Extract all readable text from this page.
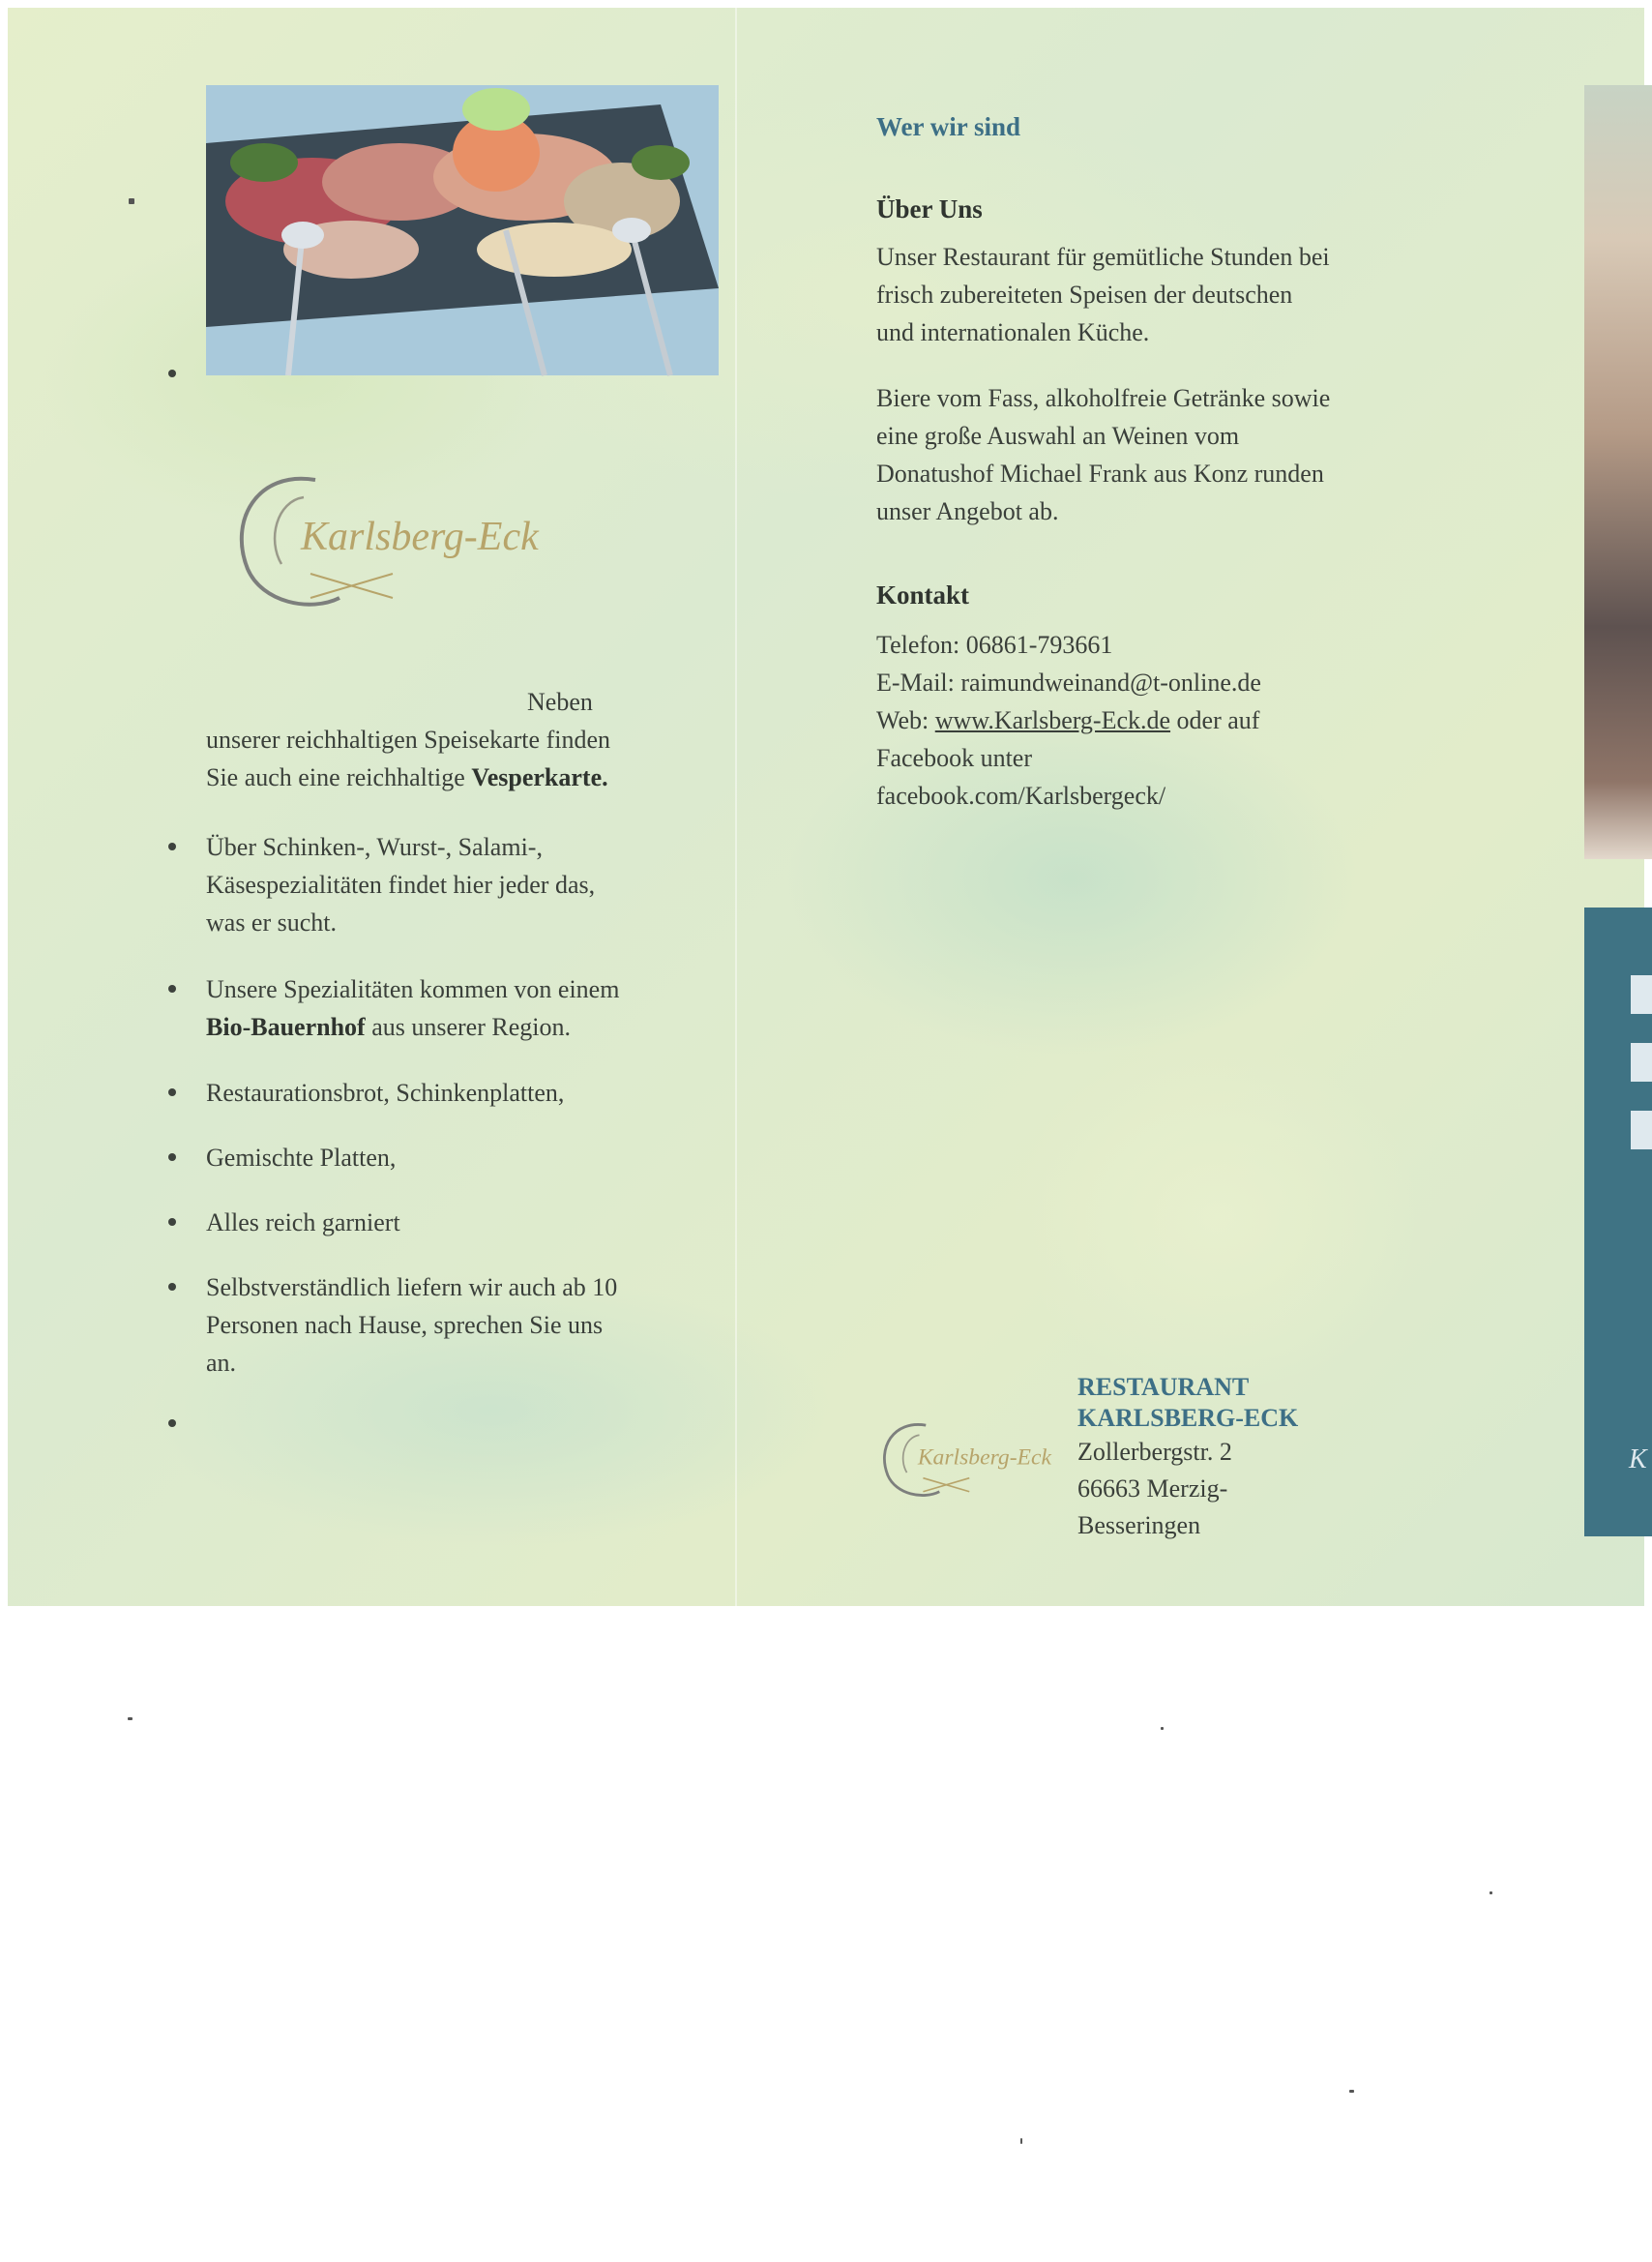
Karlsberg-Eck
Neben
unserer reichhaltigen Speisekarte finden
Sie auch eine reichhaltige Vesperkarte.
Über Schinken-, Wurst-, Salami-,
Käsespezialitäten findet hier jeder das,
was er sucht.
Unsere Spezialitäten kommen von einem
Bio-Bauernhof aus unserer Region.
Restaurationsbrot, Schinkenplatten,
Gemischte Platten,
Alles reich garniert
Selbstverständlich liefern wir auch ab 10
Personen nach Hause, sprechen Sie uns
an.
Wer wir sind
Über Uns
Unser Restaurant für gemütliche Stunden bei
frisch zubereiteten Speisen der deutschen
und internationalen Küche.
Biere vom Fass, alkoholfreie Getränke sowie
eine große Auswahl an Weinen vom
Donatushof Michael Frank aus Konz runden
unser Angebot ab.
Kontakt
Telefon: 06861-793661
E-Mail: raimundweinand@t-online.de
Web: www.Karlsberg-Eck.de oder auf
Facebook unter
facebook.com/Karlsbergeck/
Karlsberg-Eck
RESTAURANT
KARLSBERG-ECK
Zollerbergstr. 2
66663 Merzig-
Besseringen
K
